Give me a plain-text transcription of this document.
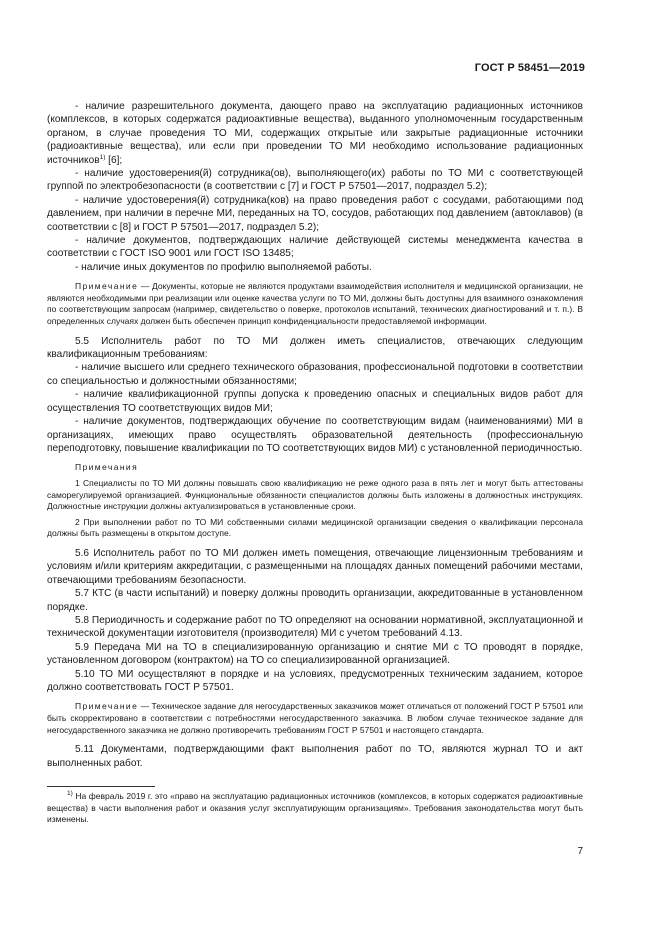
ГОСТ Р 58451—2019

- наличие разрешительного документа, дающего право на эксплуатацию радиационных источников (комплексов, в которых содержатся радиоактивные вещества), выданного уполномоченным государственным органом, в случае проведения ТО МИ, содержащих открытые или закрытые радиационные источники (радиоактивные вещества), или если при проведении ТО МИ необходимо использование радиационных источников$^{1)}$ [6];

- наличие удостоверения(й) сотрудника(ов), выполняющего(их) работы по ТО МИ с соответствующей группой по электробезопасности (в соответствии с [7] и ГОСТ Р 57501—2017, подраздел 5.2);

- наличие удостоверения(й) сотрудника(ков) на право проведения работ с сосудами, работающими под давлением, при наличии в перечне МИ, переданных на ТО, сосудов, работающих под давлением (автоклавов) (в соответствии с [8] и ГОСТ Р 57501—2017, подраздел 5.2);

- наличие документов, подтверждающих наличие действующей системы менеджмента качества в соответствии с ГОСТ ISO 9001 или ГОСТ ISO 13485;

- наличие иных документов по профилю выполняемой работы.

Примечание — Документы, которые не являются продуктами взаимодействия исполнителя и медицинской организации, не являются необходимыми при реализации или оценке качества услуги по ТО МИ, должны быть доступны для взаимного ознакомления по соответствующим запросам (например, свидетельство о поверке, протоколов испытаний, технических диагностирований и т. п.). В определенных случаях должен быть обеспечен принцип конфиденциальности предоставляемой информации.

5.5 Исполнитель работ по ТО МИ должен иметь специалистов, отвечающих следующим квалификационным требованиям:

- наличие высшего или среднего технического образования, профессиональной подготовки в соответствии со специальностью и должностными обязанностями;

- наличие квалификационной группы допуска к проведению опасных и специальных видов работ для осуществления ТО соответствующих видов МИ;

- наличие документов, подтверждающих обучение по соответствующим видам (наименованиями) МИ в организациях, имеющих право осуществлять образовательной деятельность (профессиональную переподготовку, повышение квалификации по ТО соответствующих видов МИ) с установленной периодичностью.

Примечания

1 Специалисты по ТО МИ должны повышать свою квалификацию не реже одного раза в пять лет и могут быть аттестованы саморегулируемой организацией. Функциональные обязанности специалистов должны быть изложены в должностных инструкциях. Должностные инструкции должны актуализироваться в установленные сроки.

2 При выполнении работ по ТО МИ собственными силами медицинской организации сведения о квалификации персонала должны быть размещены в открытом доступе.

5.6 Исполнитель работ по ТО МИ должен иметь помещения, отвечающие лицензионным требованиям и условиям и/или критериям аккредитации, с размещенными на площадях данных помещений рабочими местами, отвечающими требованиям безопасности.

5.7 КТС (в части испытаний) и поверку должны проводить организации, аккредитованные в установленном порядке.

5.8 Периодичность и содержание работ по ТО определяют на основании нормативной, эксплуатационной и технической документации изготовителя (производителя) МИ с учетом требований 4.13.

5.9 Передача МИ на ТО в специализированную организацию и снятие МИ с ТО проводят в порядке, установленном договором (контрактом) на ТО со специализированной организацией.

5.10 ТО МИ осуществляют в порядке и на условиях, предусмотренных техническим заданием, которое должно соответствовать ГОСТ Р 57501.

Примечание — Техническое задание для негосударственных заказчиков может отличаться от положений ГОСТ Р 57501 или быть скорректировано в соответствии с потребностями негосударственного заказчика. В любом случае техническое задание для негосударственного заказчика не должно противоречить требованиям ГОСТ Р 57501 и настоящего стандарта.

5.11 Документами, подтверждающими факт выполнения работ по ТО, являются журнал ТО и акт выполненных работ.

$^{1)}$ На февраль 2019 г. это «право на эксплуатацию радиационных источников (комплексов, в которых содержатся радиоактивные вещества) в части выполнения работ и оказания услуг эксплуатирующим организациям». Требования законодательства могут быть изменены.

7
